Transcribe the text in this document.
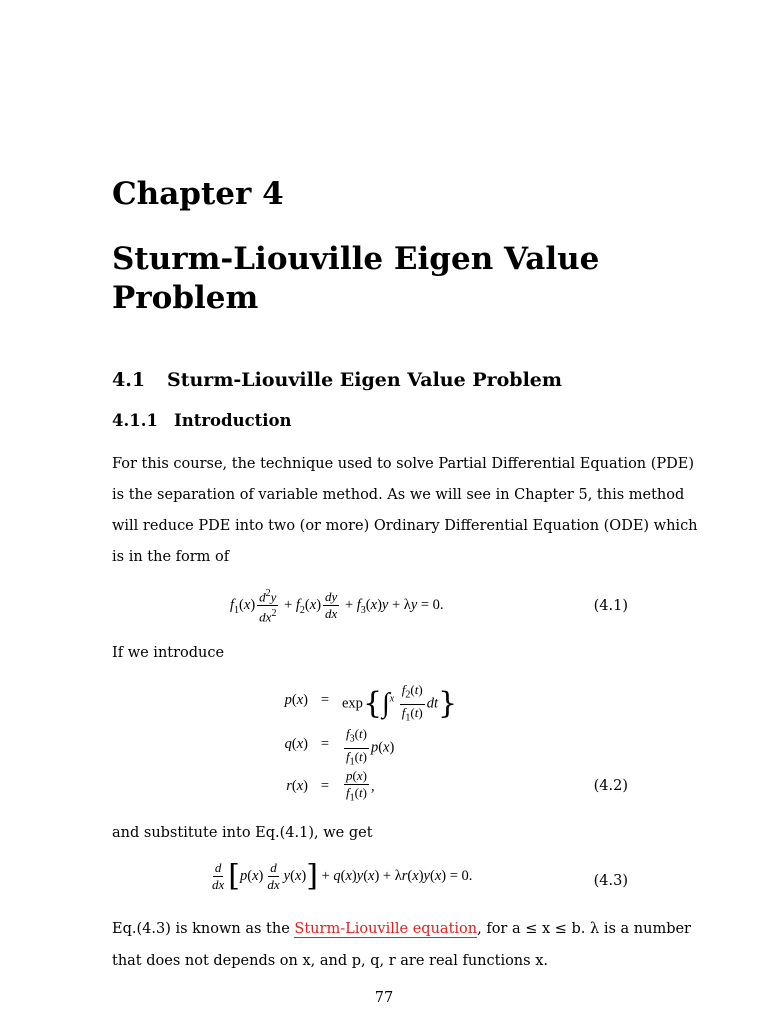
Chapter 4
Sturm-Liouville Eigen Value
Problem
4.1 Sturm-Liouville Eigen Value Problem
4.1.1 Introduction
For this course, the technique used to solve Partial Differential Equation (PDE)
is the separation of variable method. As we will see in Chapter 5, this method
will reduce PDE into two (or more) Ordinary Differential Equation (ODE) which
is in the form of
$f_1(x) \frac{d^2y}{dx^2} + f_2(x) \frac{dy}{dx} + f_3(x)y + \lambda y = 0$.	(4.1)
If we introduce
$p(x) = \exp\{\int^x \frac{f_2(t)}{f_1(t)} dt\}$
q(x) =	$\frac{f_3(t)}{f_1(t)} p(x)$
r(x) =	$\frac{p(x)}{f_1(t)}$ ,	(4.2)
and substitute into Eq.(4.1), we get
$\frac{d}{dx} [p(x) \frac{d}{dx} y(x)] + q(x)y(x) + \lambda r(x)y(x) = 0$.	(4.3)
Eq.(4.3) is known as the Sturm-Liouville equation, for a ≤ x ≤ b. λ is a number
that does not depends on x, and p, q, r are real functions x.
77
